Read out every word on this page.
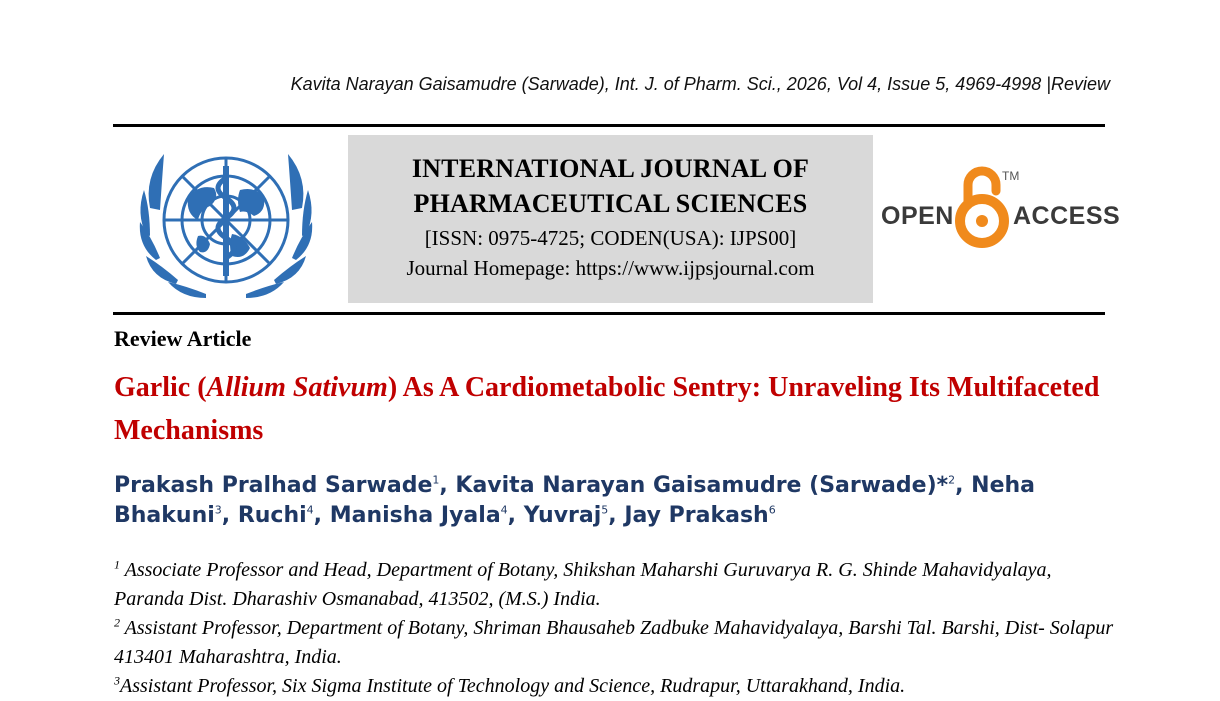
Kavita Narayan Gaisamudre (Sarwade), Int. J. of Pharm. Sci., 2026, Vol 4, Issue 5, 4969-4998 |Review
INTERNATIONAL JOURNAL OF
PHARMACEUTICAL SCIENCES
[ISSN: 0975-4725; CODEN(USA): IJPS00]
Journal Homepage: https://www.ijpsjournal.com
OPEN
TM
ACCESS
Review Article
Garlic (Allium Sativum) As A Cardiometabolic Sentry: Unraveling Its Multifaceted Mechanisms
Prakash Pralhad Sarwade$^1$, Kavita Narayan Gaisamudre (Sarwade)*$^2$, Neha Bhakuni$^3$, Ruchi$^4$, Manisha Jyala$^4$, Yuvraj$^5$, Jay Prakash$^6$
$^1$ Associate Professor and Head, Department of Botany, Shikshan Maharshi Guruvarya R. G. Shinde Mahavidyalaya, Paranda Dist. Dharashiv Osmanabad, 413502, (M.S.) India.
$^2$ Assistant Professor, Department of Botany, Shriman Bhausaheb Zadbuke Mahavidyalaya, Barshi Tal. Barshi, Dist- Solapur 413401 Maharashtra, India.
$^3$Assistant Professor, Six Sigma Institute of Technology and Science, Rudrapur, Uttarakhand, India.
